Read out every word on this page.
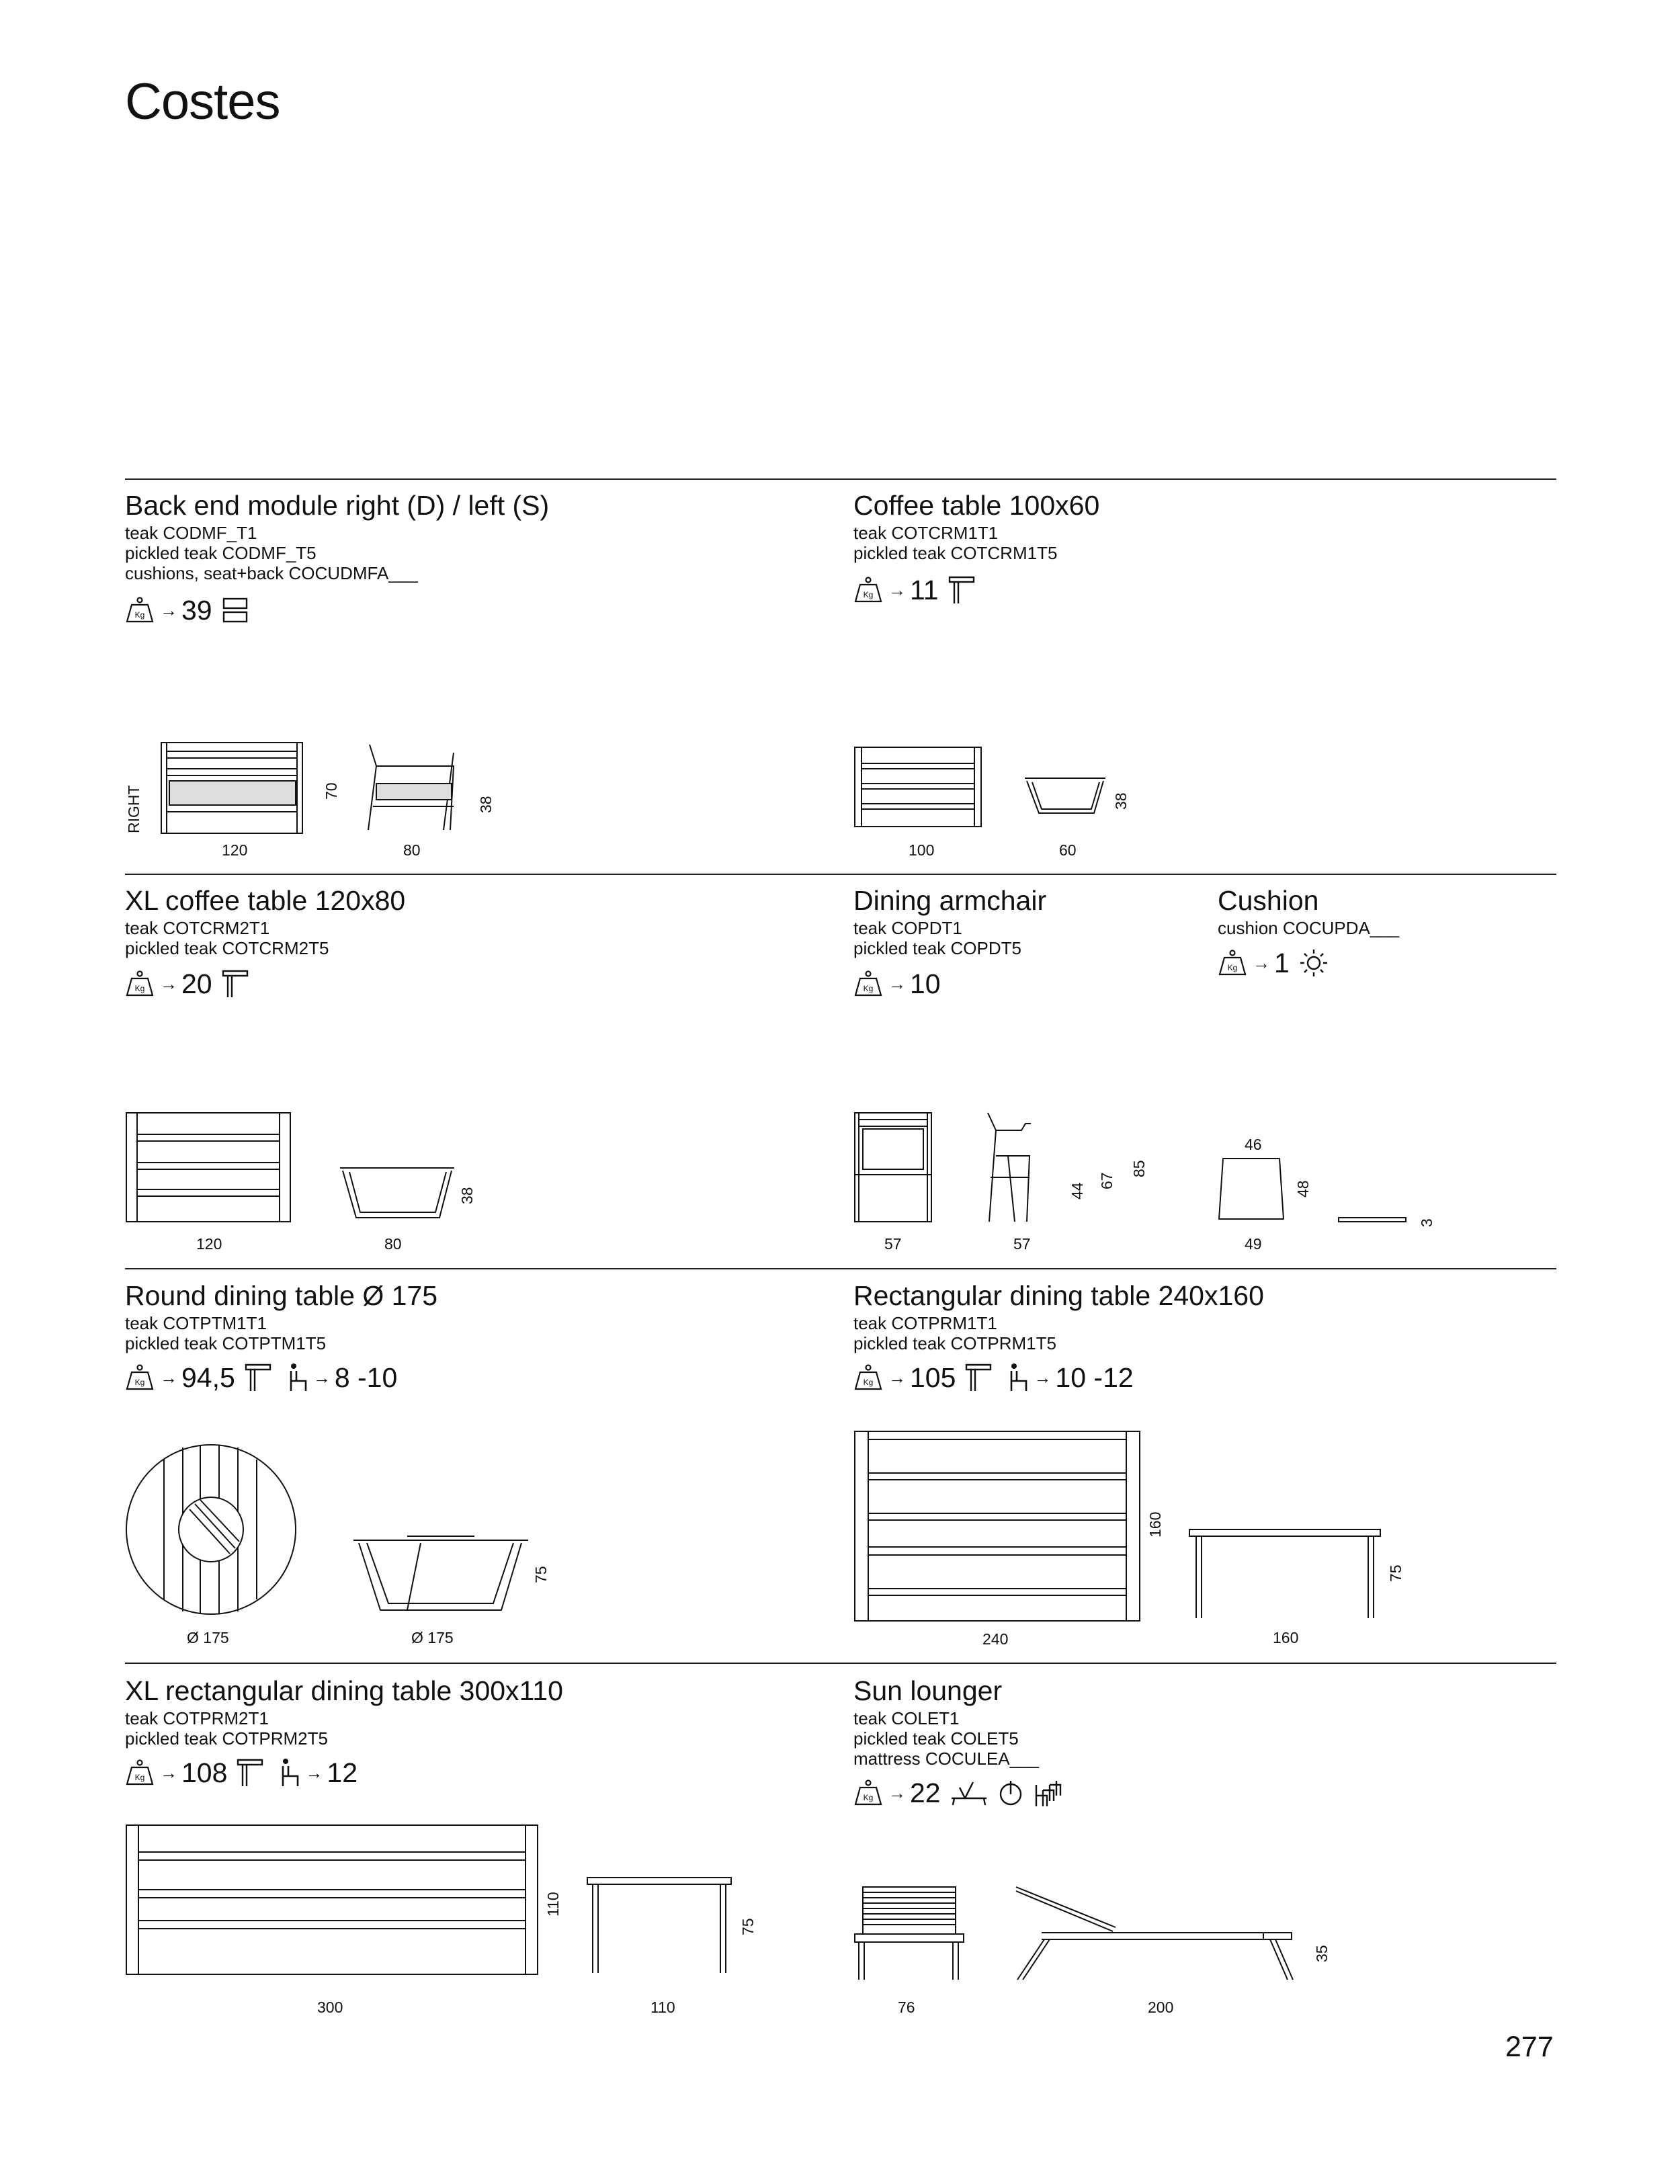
Costes
Back end module right (D) / left (S)
teak CODMF_T1
pickled teak CODMF_T5
cushions, seat+back COCUDMFA___
→ 39
RIGHT
120	80
70
38
Coffee table 100x60
teak COTCRM1T1
pickled teak COTCRM1T5
→ 11
100	60
38
XL coffee table 120x80
teak COTCRM2T1
pickled teak COTCRM2T5
→ 20
120	80
38
Dining armchair
teak COPDT1
pickled teak COPDT5
→ 10
57	57
44
67
85
Cushion
cushion COCUPDA___
→ 1
46
49
48
3
Round dining table Ø 175
teak COTPTM1T1
pickled teak COTPTM1T5
→ 94,5	→ 8 -10
Ø 175	Ø 175
75
Rectangular dining table 240x160
teak COTPRM1T1
pickled teak COTPRM1T5
→ 105	→ 10 -12
240
160
160
75
XL rectangular dining table 300x110
teak COTPRM2T1
pickled teak COTPRM2T5
→ 108	→ 12
300
110
110
75
Sun lounger
teak COLET1
pickled teak COLET5
mattress COCULEA___
→ 22
76	200
35
277
